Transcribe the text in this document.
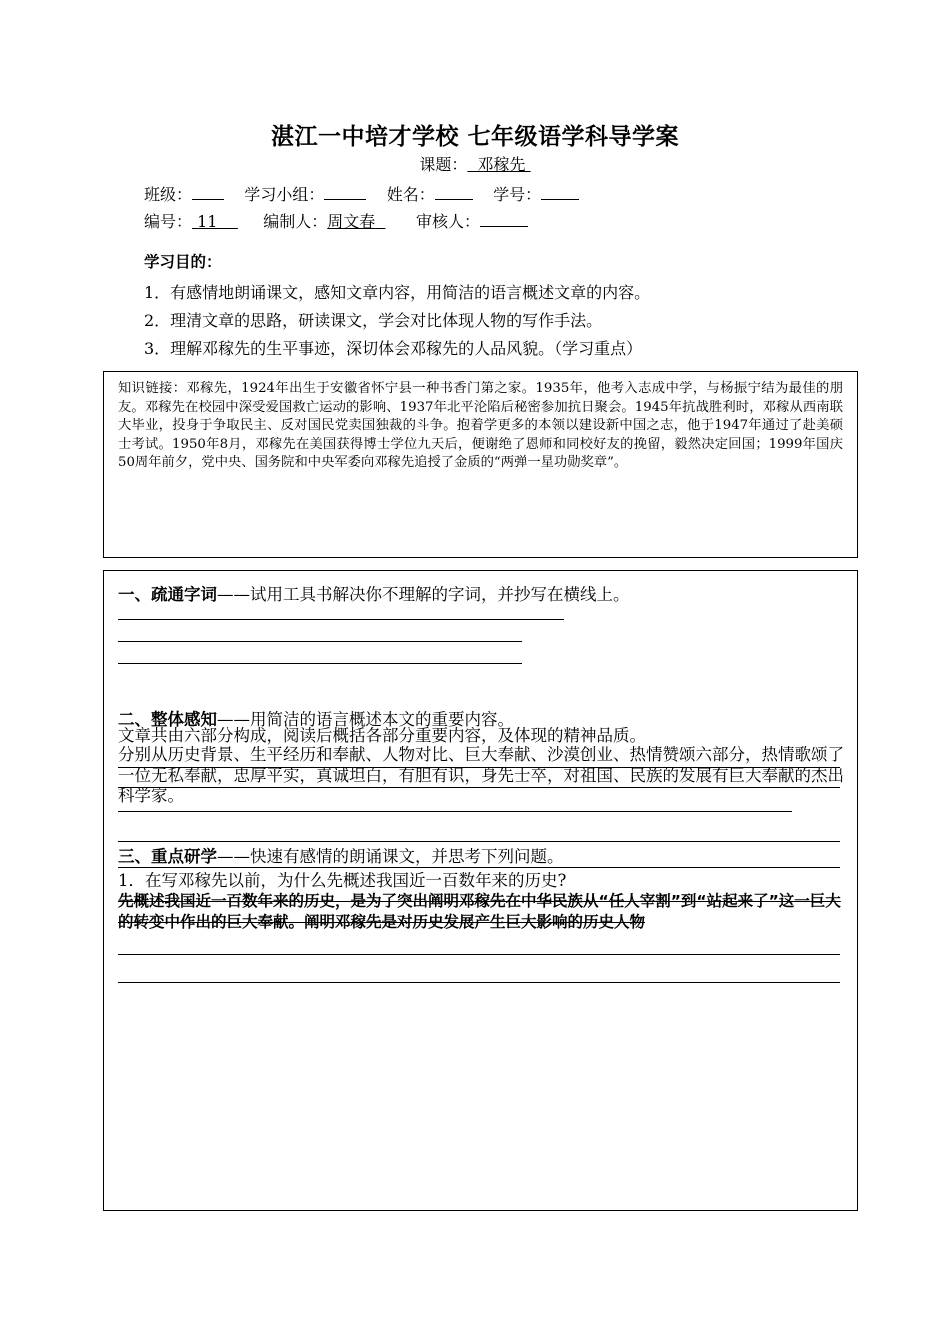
湛江一中培才学校 七年级语学科导学案
课题： 邓稼先
班级：	学习小组：	姓名：	学号：
编号： 11	编制人：周文春	审核人：
学习目的：
1．有感情地朗诵课文，感知文章内容，用简洁的语言概述文章的内容。
2．理清文章的思路，研读课文，学会对比体现人物的写作手法。
3．理解邓稼先的生平事迹，深切体会邓稼先的人品风貌。（学习重点）
知识链接：邓稼先，1924年出生于安徽省怀宁县一种书香门第之家。1935年，他考入志成中学，与杨振宁结为最佳的朋友。邓稼先在校园中深受爱国救亡运动的影响、1937年北平沦陷后秘密参加抗日聚会。1945年抗战胜利时，邓稼从西南联大毕业，投身于争取民主、反对国民党卖国独裁的斗争。抱着学更多的本领以建设新中国之志，他于1947年通过了赴美硕士考试。1950年8月，邓稼先在美国获得博士学位九天后，便谢绝了恩师和同校好友的挽留，毅然决定回国；1999年国庆50周年前夕，党中央、国务院和中央军委向邓稼先追授了金质的“两弹一星功勋奖章”。
一、疏通字词——试用工具书解决你不理解的字词，并抄写在横线上。
二、整体感知——用简洁的语言概述本文的重要内容。
文章共由六部分构成，阅读后概括各部分重要内容，及体现的精神品质。
分别从历史背景、生平经历和奉献、人物对比、巨大奉献、沙漠创业、热情赞颂六部分，热情歌颂了一位无私奉献，忠厚平实，真诚坦白，有胆有识，身先士卒，对祖国、民族的发展有巨大奉献的杰出科学家。
三、重点研学——快速有感情的朗诵课文，并思考下列问题。
1．在写邓稼先以前，为什么先概述我国近一百数年来的历史?
先概述我国近一百数年来的历史，是为了突出阐明邓稼先在中华民族从“任人宰割”到“站起来了”这一巨大的转变中作出的巨大奉献。阐明邓稼先是对历史发展产生巨大影响的历史人物
